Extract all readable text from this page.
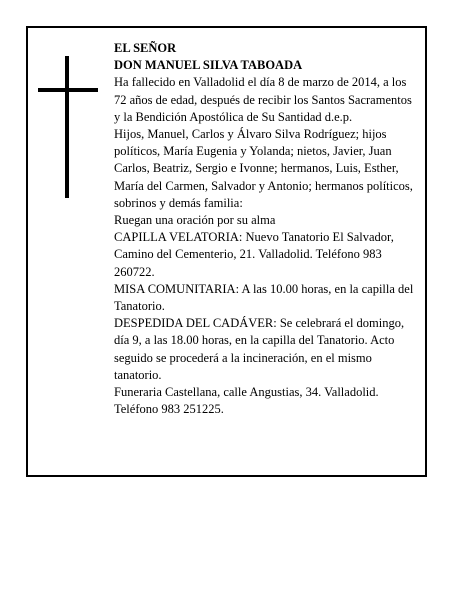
EL SEÑOR

DON MANUEL SILVA TABOADA

Ha fallecido en Valladolid el día 8 de marzo de 2014, a los 72 años de edad, después de recibir los Santos Sacramentos y la Bendición Apostólica de Su Santidad d.e.p.

Hijos, Manuel, Carlos y Álvaro Silva Rodríguez; hijos políticos, María Eugenia y Yolanda; nietos, Javier, Juan Carlos, Beatriz, Sergio e Ivonne; hermanos, Luis, Esther, María del Carmen, Salvador y Antonio; hermanos políticos, sobrinos y demás familia:

Ruegan una oración por su alma

CAPILLA VELATORIA: Nuevo Tanatorio El Salvador, Camino del Cementerio, 21. Valladolid. Teléfono 983 260722.

MISA COMUNITARIA: A las 10.00 horas, en la capilla del Tanatorio.

DESPEDIDA DEL CADÁVER: Se celebrará el domingo, día 9, a las 18.00 horas, en la capilla del Tanatorio. Acto seguido se procederá a la incineración, en el mismo tanatorio.

Funeraria Castellana, calle Angustias, 34. Valladolid. Teléfono 983 251225.
